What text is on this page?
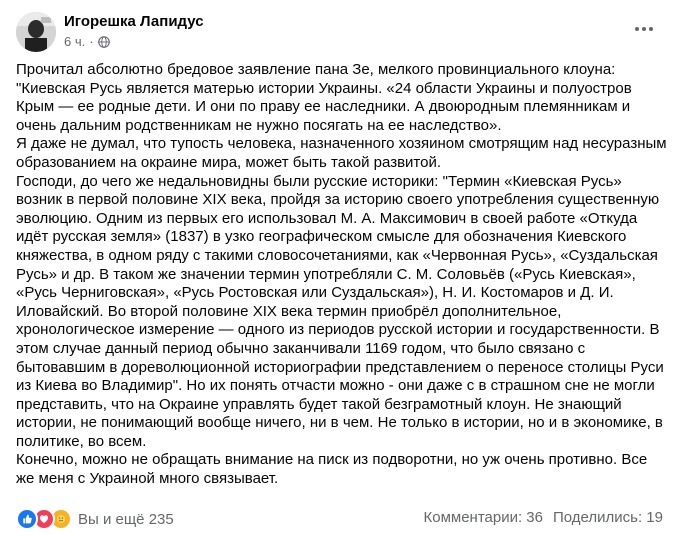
Игорешка Лапидус
6 ч. ·

Прочитал абсолютно бредовое заявление пана Зе, мелкого провинциального клоуна: "Киевская Русь является матерью истории Украины. «24 области Украины и полуостров Крым — ее родные дети. И они по праву ее наследники. А двоюродным племянникам и очень дальним родственникам не нужно посягать на ее наследство».

Я даже не думал, что тупость человека, назначенного хозяином смотрящим над несуразным образованием на окраине мира, может быть такой развитой.

Господи, до чего же недальновидны были русские историки: "Термин «Киевская Русь» возник в первой половине XIX века, пройдя за историю своего употребления существенную эволюцию. Одним из первых его использовал М. А. Максимович в своей работе «Откуда идёт русская земля» (1837) в узко географическом смысле для обозначения Киевского княжества, в одном ряду с такими словосочетаниями, как «Червонная Русь», «Суздальская Русь» и др. В таком же значении термин употребляли С. М. Соловьёв («Русь Киевская», «Русь Черниговская», «Русь Ростовская или Суздальская»), Н. И. Костомаров и Д. И. Иловайский. Во второй половине XIX века термин приобрёл дополнительное, хронологическое измерение — одного из периодов русской истории и государственности. В этом случае данный период обычно заканчивали 1169 годом, что было связано с бытовавшим в дореволюционной историографии представлением о переносе столицы Руси из Киева во Владимир". Но их понять отчасти можно - они даже с в страшном сне не могли представить, что на Окраине управлять будет такой безграмотный клоун. Не знающий истории, не понимающий вообще ничего, ни в чем. Не только в истории, но и в экономике, в политике, во всем.

Конечно, можно не обращать внимание на писк из подворотни, но уж очень противно. Все же меня с Украиной много связывает.

Вы и ещё 235	Комментарии: 36 Поделились: 19
